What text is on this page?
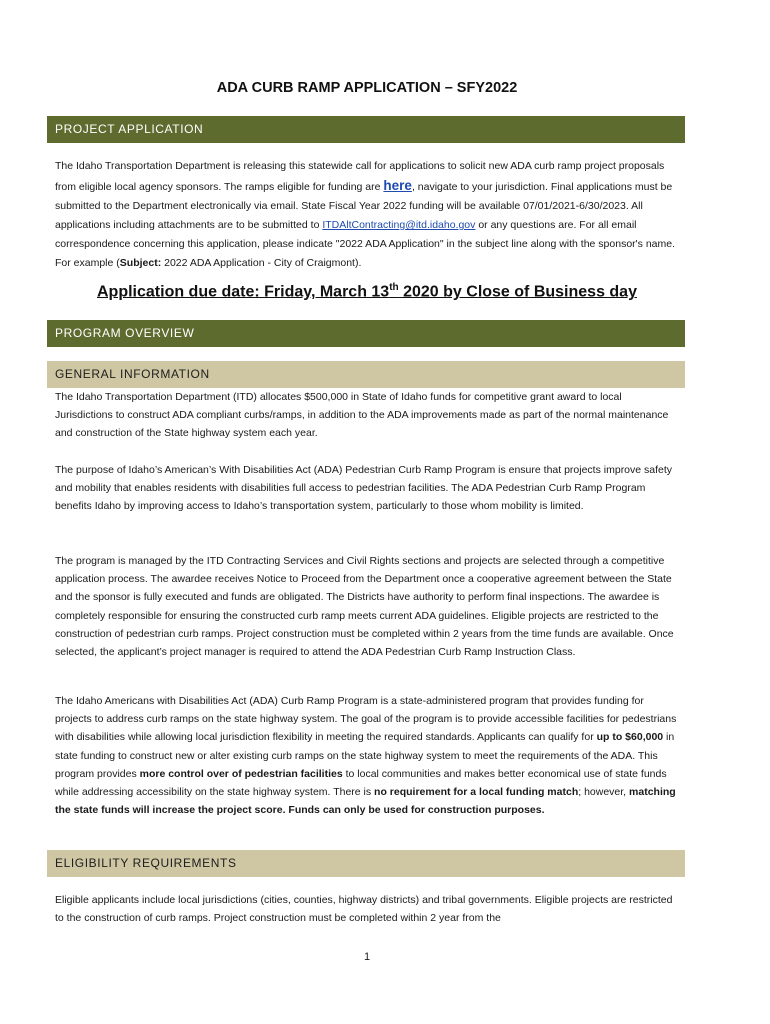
ADA CURB RAMP APPLICATION – SFY2022
PROJECT APPLICATION
The Idaho Transportation Department is releasing this statewide call for applications to solicit new ADA curb ramp project proposals from eligible local agency sponsors. The ramps eligible for funding are here, navigate to your jurisdiction. Final applications must be submitted to the Department electronically via email. State Fiscal Year 2022 funding will be available 07/01/2021-6/30/2023. All applications including attachments are to be submitted to ITDAltContracting@itd.idaho.gov or any questions are. For all email correspondence concerning this application, please indicate "2022 ADA Application" in the subject line along with the sponsor's name. For example (Subject: 2022 ADA Application - City of Craigmont).
Application due date: Friday, March 13th 2020 by Close of Business day
PROGRAM OVERVIEW
GENERAL INFORMATION
The Idaho Transportation Department (ITD) allocates $500,000 in State of Idaho funds for competitive grant award to local Jurisdictions to construct ADA compliant curbs/ramps, in addition to the ADA improvements made as part of the normal maintenance and construction of the State highway system each year.
The purpose of Idaho’s American’s With Disabilities Act (ADA) Pedestrian Curb Ramp Program is ensure that projects improve safety and mobility that enables residents with disabilities full access to pedestrian facilities. The ADA Pedestrian Curb Ramp Program benefits Idaho by improving access to Idaho’s transportation system, particularly to those whom mobility is limited.
The program is managed by the ITD Contracting Services and Civil Rights sections and projects are selected through a competitive application process. The awardee receives Notice to Proceed from the Department once a cooperative agreement between the State and the sponsor is fully executed and funds are obligated. The Districts have authority to perform final inspections. The awardee is completely responsible for ensuring the constructed curb ramp meets current ADA guidelines. Eligible projects are restricted to the construction of pedestrian curb ramps. Project construction must be completed within 2 years from the time funds are available. Once selected, the applicant’s project manager is required to attend the ADA Pedestrian Curb Ramp Instruction Class.
The Idaho Americans with Disabilities Act (ADA) Curb Ramp Program is a state-administered program that provides funding for projects to address curb ramps on the state highway system. The goal of the program is to provide accessible facilities for pedestrians with disabilities while allowing local jurisdiction flexibility in meeting the required standards. Applicants can qualify for up to $60,000 in state funding to construct new or alter existing curb ramps on the state highway system to meet the requirements of the ADA. This program provides more control over of pedestrian facilities to local communities and makes better economical use of state funds while addressing accessibility on the state highway system. There is no requirement for a local funding match; however, matching the state funds will increase the project score. Funds can only be used for construction purposes.
ELIGIBILITY REQUIREMENTS
Eligible applicants include local jurisdictions (cities, counties, highway districts) and tribal governments. Eligible projects are restricted to the construction of curb ramps. Project construction must be completed within 2 year from the
1
